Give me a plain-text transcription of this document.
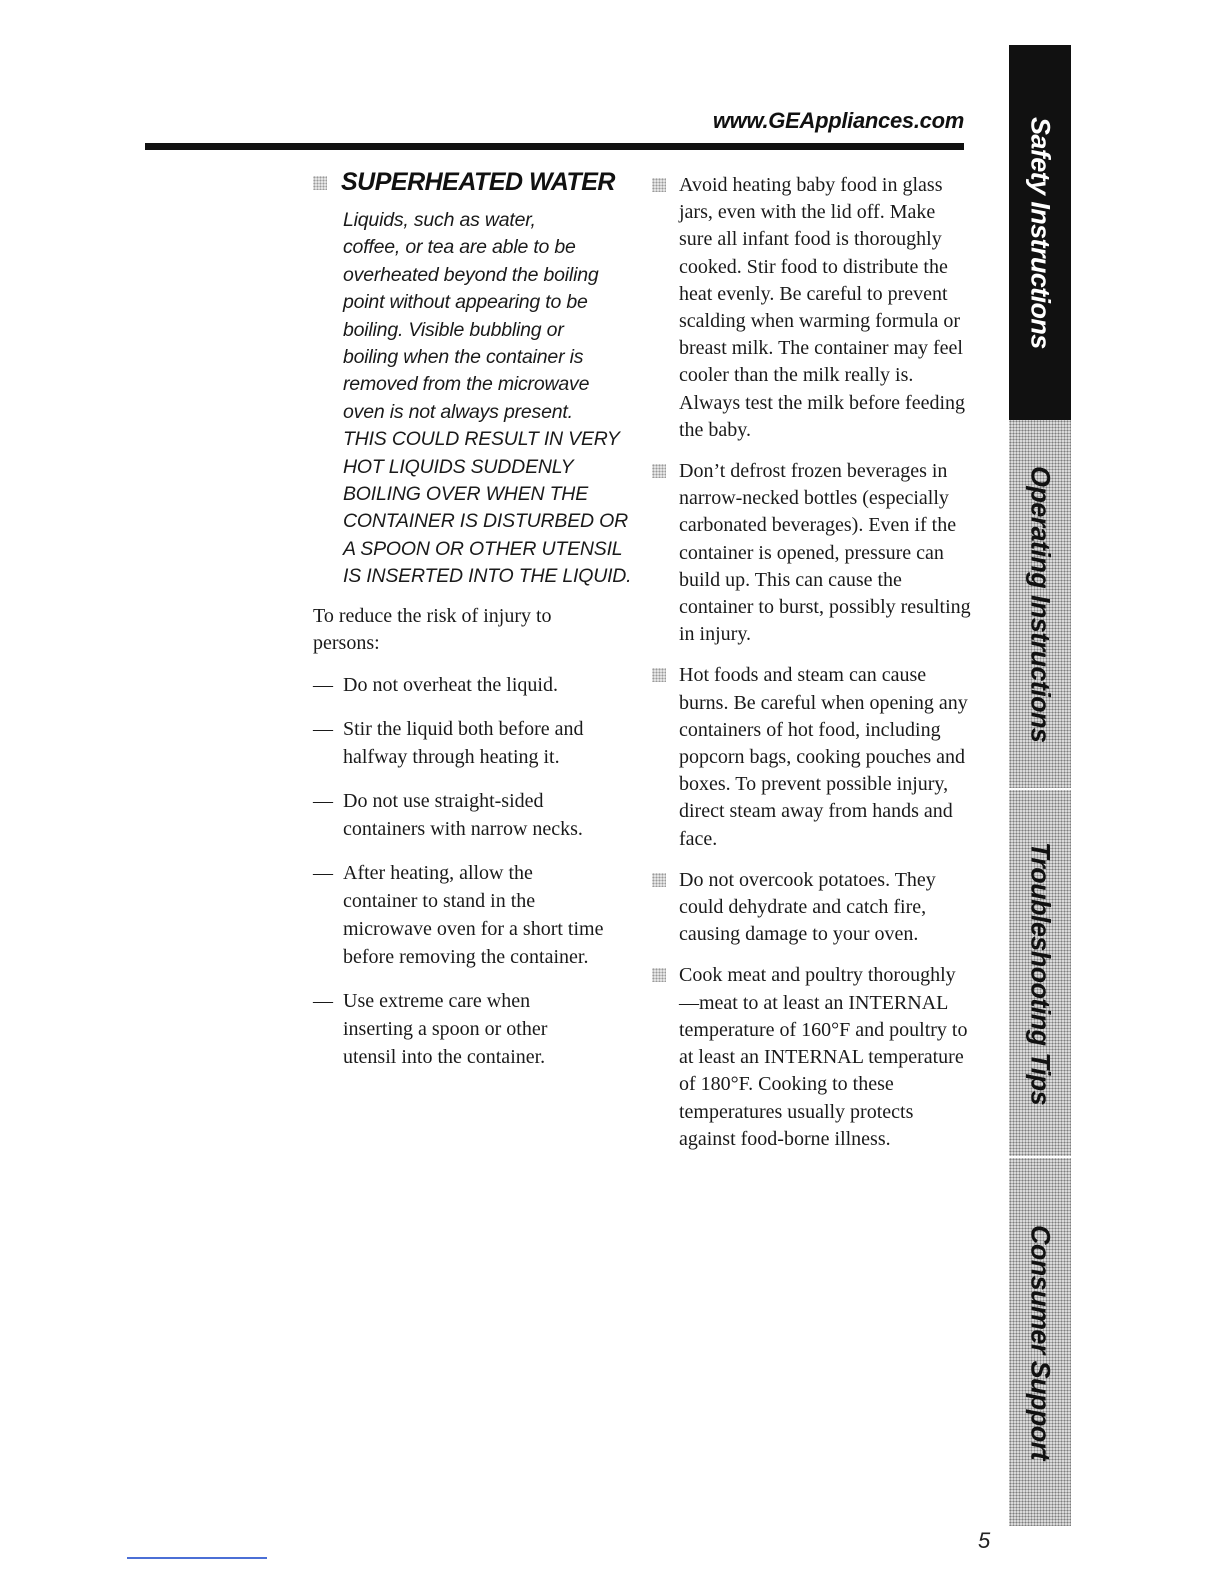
www.GEAppliances.com
SUPERHEATED WATER
Liquids, such as water,
coffee, or tea are able to be
overheated beyond the boiling
point without appearing to be
boiling. Visible bubbling or
boiling when the container is
removed from the microwave
oven is not always present.
THIS COULD RESULT IN VERY
HOT LIQUIDS SUDDENLY
BOILING OVER WHEN THE
CONTAINER IS DISTURBED OR
A SPOON OR OTHER UTENSIL
IS INSERTED INTO THE LIQUID.
To reduce the risk of injury to persons:
— Do not overheat the liquid.
— Stir the liquid both before and halfway through heating it.
— Do not use straight-sided containers with narrow necks.
— After heating, allow the container to stand in the microwave oven for a short time before removing the container.
— Use extreme care when inserting a spoon or other utensil into the container.
Avoid heating baby food in glass jars, even with the lid off. Make sure all infant food is thoroughly cooked. Stir food to distribute the heat evenly. Be careful to prevent scalding when warming formula or breast milk. The container may feel cooler than the milk really is. Always test the milk before feeding the baby.
Don’t defrost frozen beverages in narrow-necked bottles (especially carbonated beverages). Even if the container is opened, pressure can build up. This can cause the container to burst, possibly resulting in injury.
Hot foods and steam can cause burns. Be careful when opening any containers of hot food, including popcorn bags, cooking pouches and boxes. To prevent possible injury, direct steam away from hands and face.
Do not overcook potatoes. They could dehydrate and catch fire, causing damage to your oven.
Cook meat and poultry thoroughly—meat to at least an INTERNAL temperature of 160°F and poultry to at least an INTERNAL temperature of 180°F. Cooking to these temperatures usually protects against food-borne illness.
Safety Instructions
Operating Instructions
Troubleshooting Tips
Consumer Support
5
